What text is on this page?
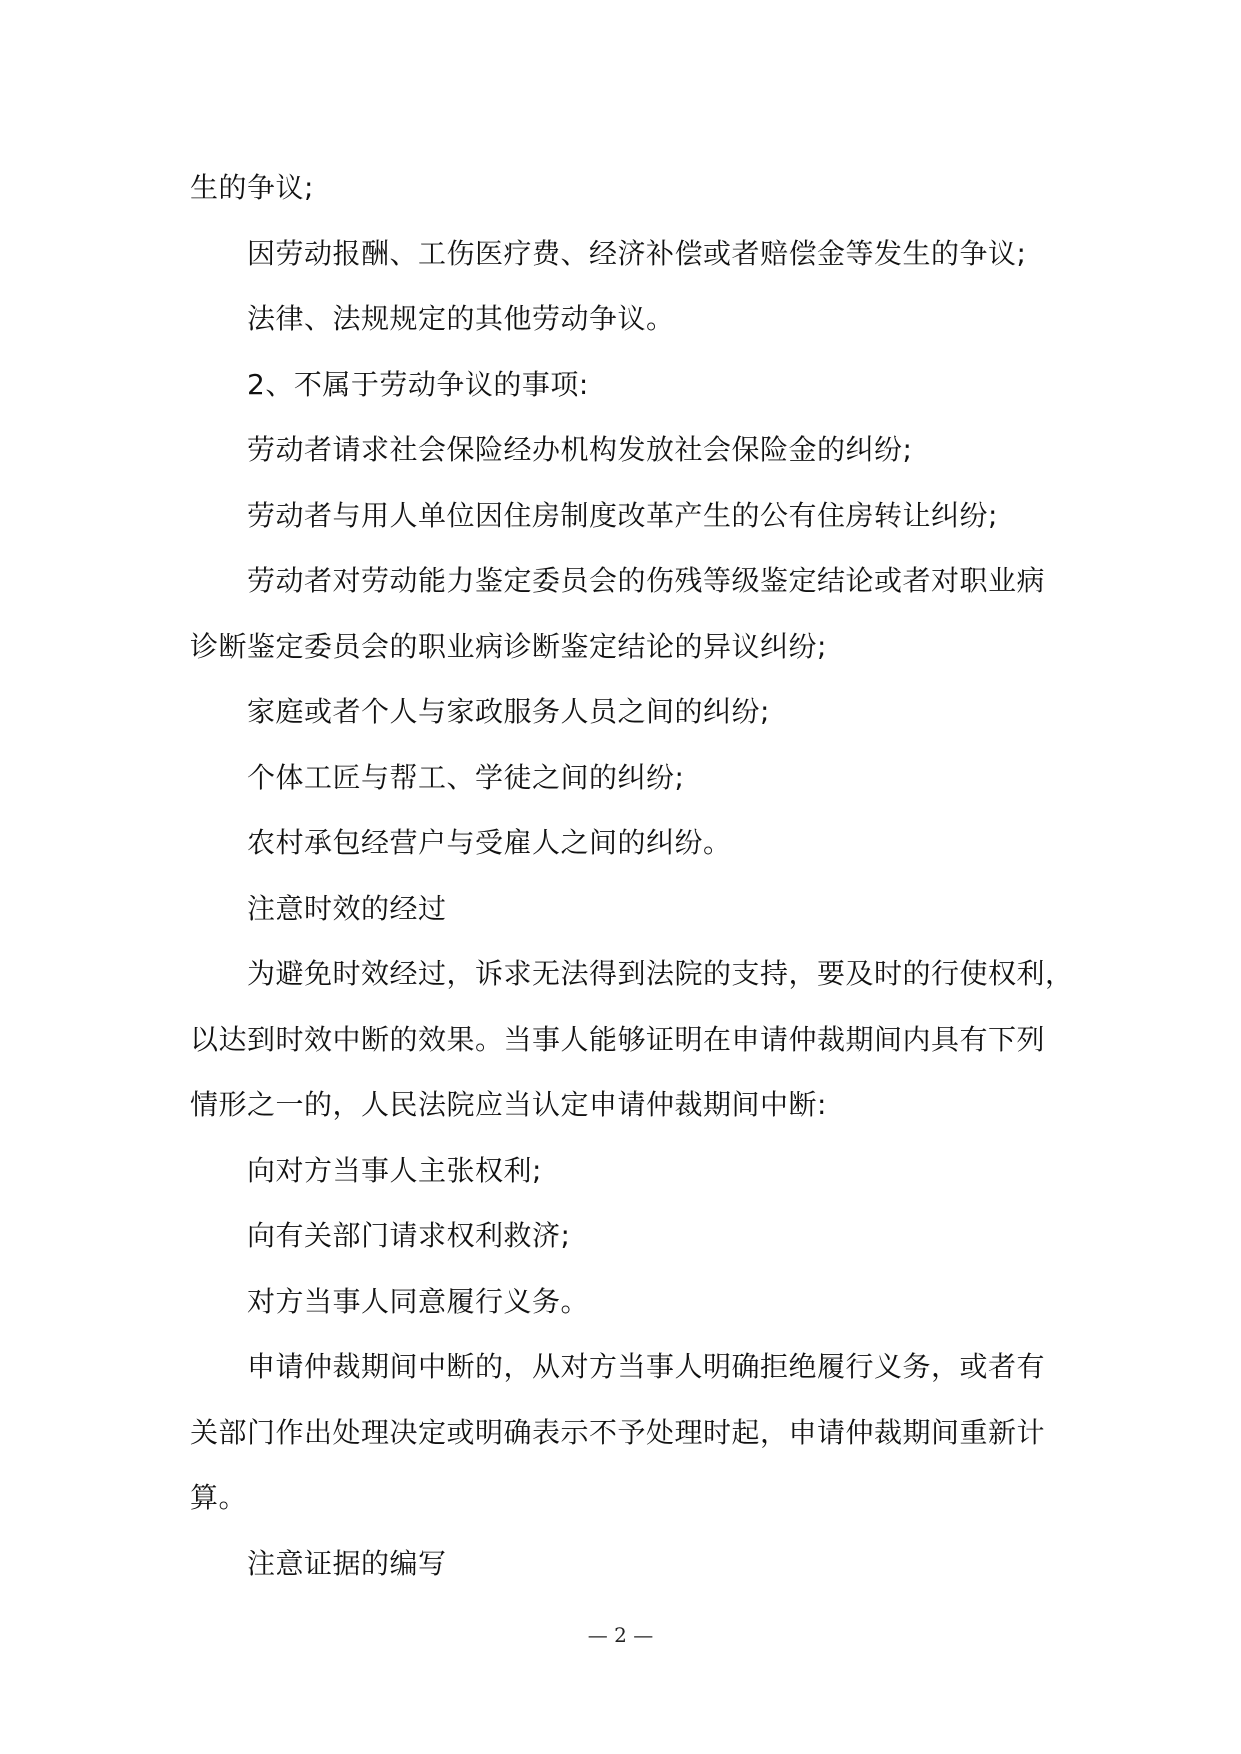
生的争议;
因劳动报酬、工伤医疗费、经济补偿或者赔偿金等发生的争议;
法律、法规规定的其他劳动争议。
2、不属于劳动争议的事项:
劳动者请求社会保险经办机构发放社会保险金的纠纷;
劳动者与用人单位因住房制度改革产生的公有住房转让纠纷;
劳动者对劳动能力鉴定委员会的伤残等级鉴定结论或者对职业病
诊断鉴定委员会的职业病诊断鉴定结论的异议纠纷;
家庭或者个人与家政服务人员之间的纠纷;
个体工匠与帮工、学徒之间的纠纷;
农村承包经营户与受雇人之间的纠纷。
注意时效的经过
为避免时效经过，诉求无法得到法院的支持，要及时的行使权利，
以达到时效中断的效果。当事人能够证明在申请仲裁期间内具有下列
情形之一的，人民法院应当认定申请仲裁期间中断:
向对方当事人主张权利;
向有关部门请求权利救济;
对方当事人同意履行义务。
申请仲裁期间中断的，从对方当事人明确拒绝履行义务，或者有
关部门作出处理决定或明确表示不予处理时起，申请仲裁期间重新计
算。
注意证据的编写
— 2 —
